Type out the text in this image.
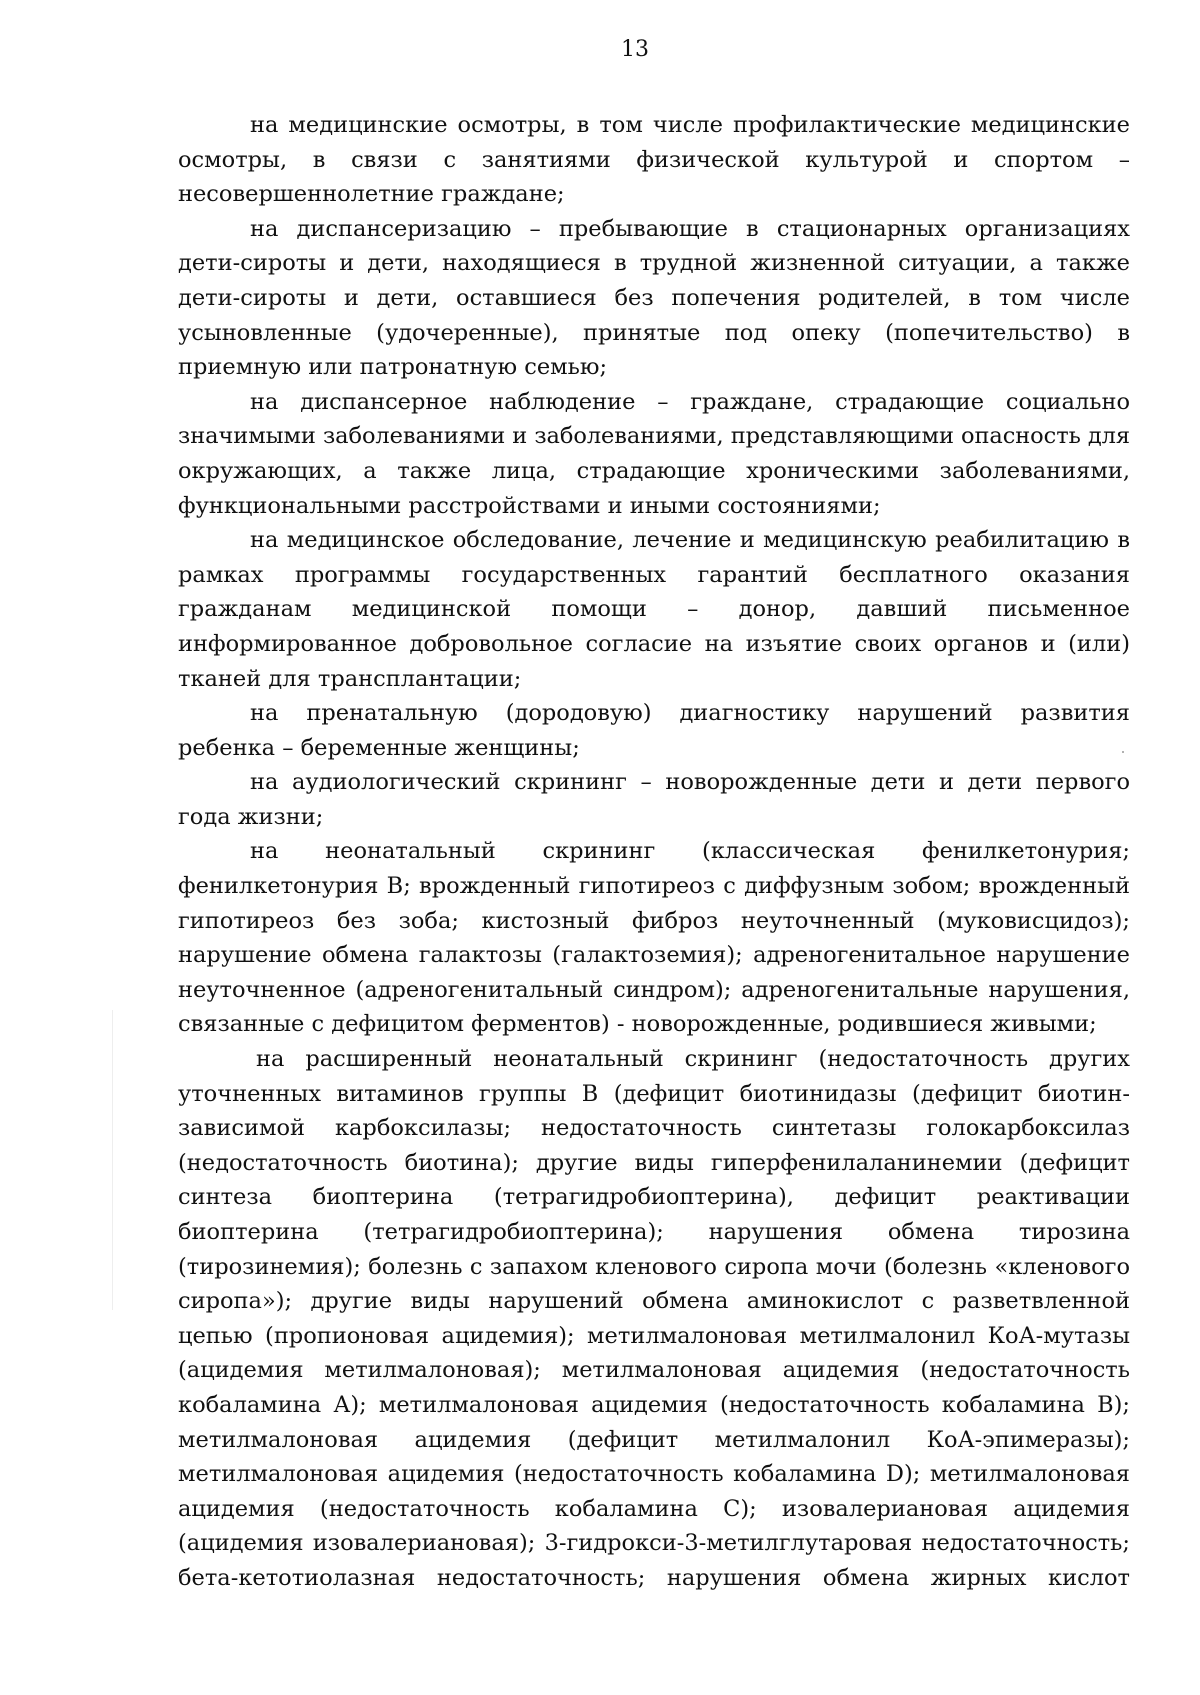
13
на медицинские осмотры, в том числе профилактические медицинские
осмотры, в связи с занятиями физической культурой и спортом –
несовершеннолетние граждане;
на диспансеризацию – пребывающие в стационарных организациях
дети-сироты и дети, находящиеся в трудной жизненной ситуации, а также
дети-сироты и дети, оставшиеся без попечения родителей, в том числе
усыновленные (удочеренные), принятые под опеку (попечительство) в
приемную или патронатную семью;
на диспансерное наблюдение – граждане, страдающие социально
значимыми заболеваниями и заболеваниями, представляющими опасность для
окружающих, а также лица, страдающие хроническими заболеваниями,
функциональными расстройствами и иными состояниями;
на медицинское обследование, лечение и медицинскую реабилитацию в
рамках программы государственных гарантий бесплатного оказания
гражданам медицинской помощи – донор, давший письменное
информированное добровольное согласие на изъятие своих органов и (или)
тканей для трансплантации;
на пренатальную (дородовую) диагностику нарушений развития
ребенка – беременные женщины;
на аудиологический скрининг – новорожденные дети и дети первого
года жизни;
на неонатальный скрининг (классическая фенилкетонурия;
фенилкетонурия В; врожденный гипотиреоз с диффузным зобом; врожденный
гипотиреоз без зоба; кистозный фиброз неуточненный (муковисцидоз);
нарушение обмена галактозы (галактоземия); адреногенитальное нарушение
неуточненное (адреногенитальный синдром); адреногенитальные нарушения,
связанные с дефицитом ферментов) - новорожденные, родившиеся живыми;
на расширенный неонатальный скрининг (недостаточность других
уточненных витаминов группы В (дефицит биотинидазы (дефицит биотин-
зависимой карбоксилазы; недостаточность синтетазы голокарбоксилаз
(недостаточность биотина); другие виды гиперфенилаланинемии (дефицит
синтеза биоптерина (тетрагидробиоптерина), дефицит реактивации
биоптерина (тетрагидробиоптерина); нарушения обмена тирозина
(тирозинемия); болезнь с запахом кленового сиропа мочи (болезнь «кленового
сиропа»); другие виды нарушений обмена аминокислот с разветвленной
цепью (пропионовая ацидемия); метилмалоновая метилмалонил КоА-мутазы
(ацидемия метилмалоновая); метилмалоновая ацидемия (недостаточность
кобаламина А); метилмалоновая ацидемия (недостаточность кобаламина В);
метилмалоновая ацидемия (дефицит метилмалонил КоА-эпимеразы);
метилмалоновая ацидемия (недостаточность кобаламина D); метилмалоновая
ацидемия (недостаточность кобаламина С); изовалериановая ацидемия
(ацидемия изовалериановая); 3-гидрокси-3-метилглутаровая недостаточность;
бета-кетотиолазная недостаточность; нарушения обмена жирных кислот
